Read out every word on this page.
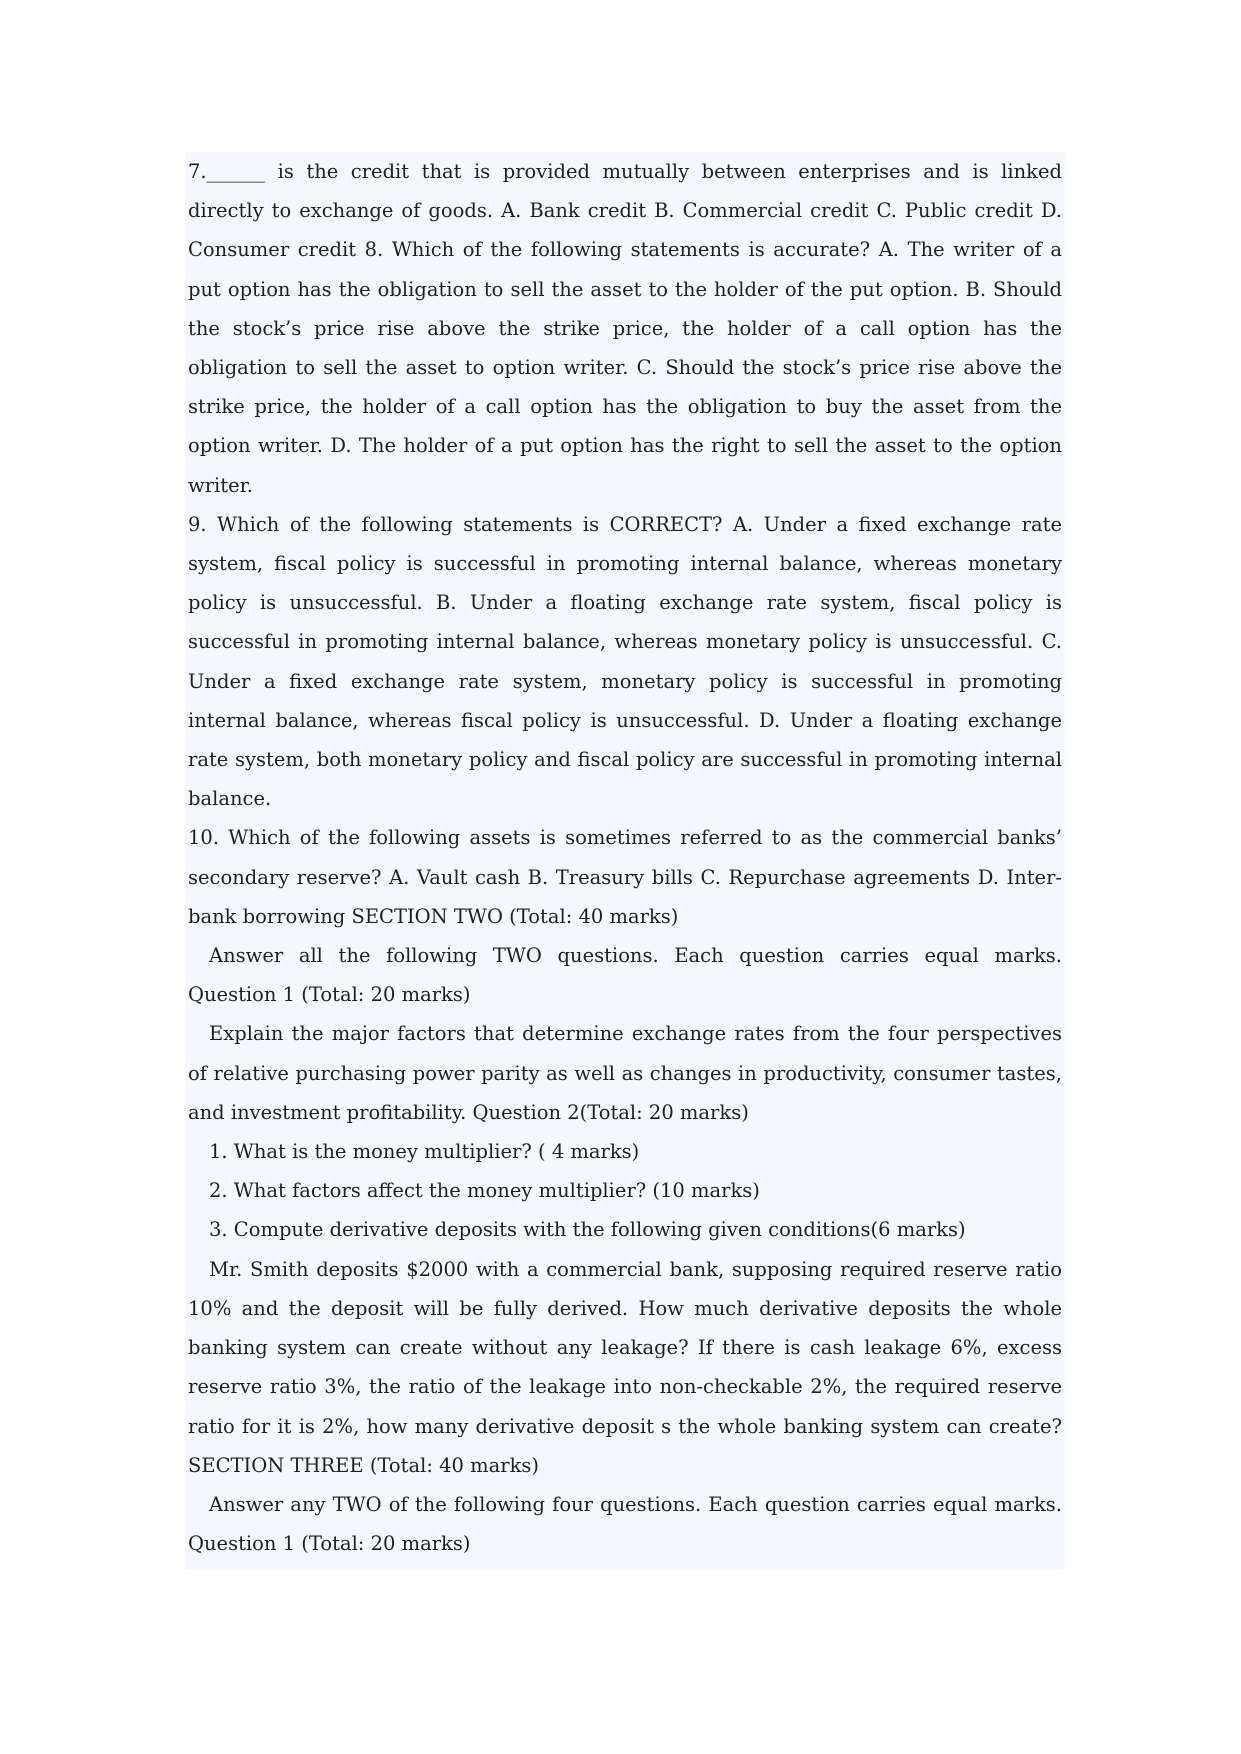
7.______ is the credit that is provided mutually between enterprises and is linked directly to exchange of goods. A. Bank credit B. Commercial credit C. Public credit D. Consumer credit 8. Which of the following statements is accurate? A. The writer of a put option has the obligation to sell the asset to the holder of the put option. B. Should the stock’s price rise above the strike price, the holder of a call option has the obligation to sell the asset to option writer. C. Should the stock’s price rise above the strike price, the holder of a call option has the obligation to buy the asset from the option writer. D. The holder of a put option has the right to sell the asset to the option writer.

9. Which of the following statements is CORRECT? A. Under a fixed exchange rate system, fiscal policy is successful in promoting internal balance, whereas monetary policy is unsuccessful. B. Under a floating exchange rate system, fiscal policy is successful in promoting internal balance, whereas monetary policy is unsuccessful. C. Under a fixed exchange rate system, monetary policy is successful in promoting internal balance, whereas fiscal policy is unsuccessful. D. Under a floating exchange rate system, both monetary policy and fiscal policy are successful in promoting internal balance.

10. Which of the following assets is sometimes referred to as the commercial banks’ secondary reserve? A. Vault cash B. Treasury bills C. Repurchase agreements D. Inter-bank borrowing SECTION TWO (Total: 40 marks)

Answer all the following TWO questions. Each question carries equal marks. Question 1 (Total: 20 marks)

Explain the major factors that determine exchange rates from the four perspectives of relative purchasing power parity as well as changes in productivity, consumer tastes, and investment profitability. Question 2(Total: 20 marks)

1. What is the money multiplier? ( 4 marks)

2. What factors affect the money multiplier? (10 marks)

3. Compute derivative deposits with the following given conditions(6 marks)

Mr. Smith deposits $2000 with a commercial bank, supposing required reserve ratio 10% and the deposit will be fully derived. How much derivative deposits the whole banking system can create without any leakage? If there is cash leakage 6%, excess reserve ratio 3%, the ratio of the leakage into non-checkable 2%, the required reserve ratio for it is 2%, how many derivative deposit s the whole banking system can create? SECTION THREE (Total: 40 marks)

Answer any TWO of the following four questions. Each question carries equal marks. Question 1 (Total: 20 marks)
